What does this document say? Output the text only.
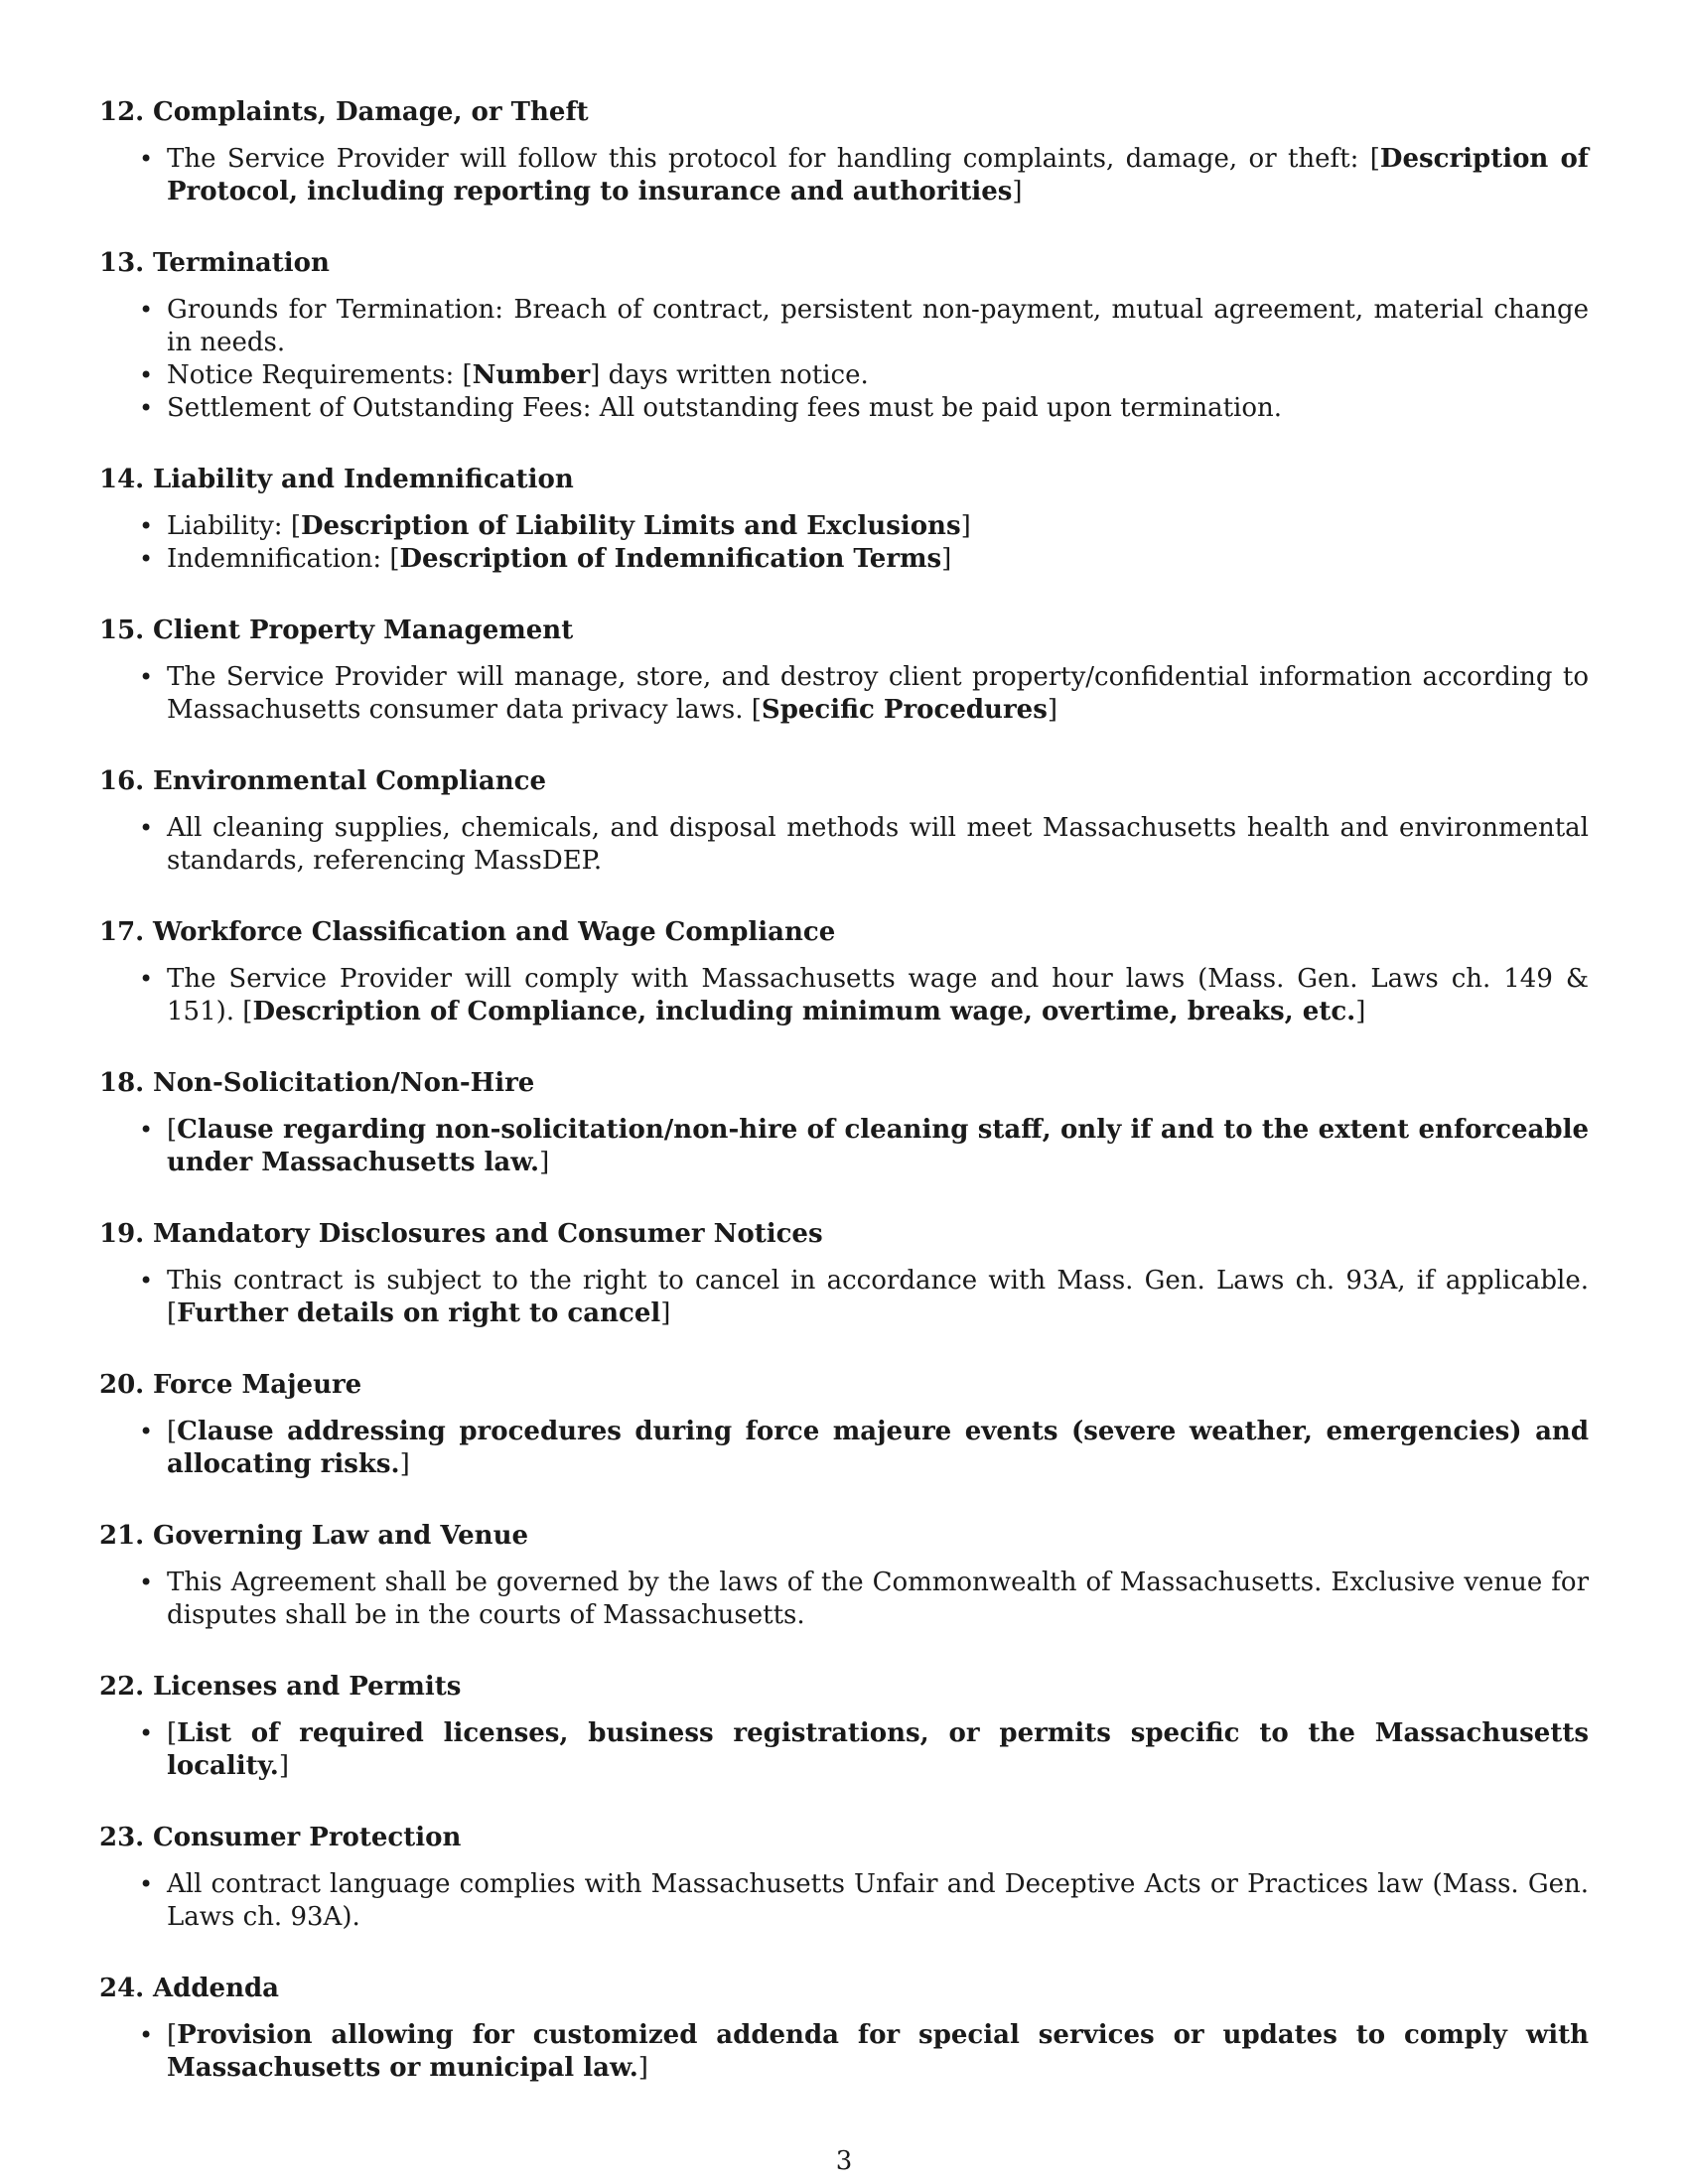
12. Complaints, Damage, or Theft
• The Service Provider will follow this protocol for handling complaints, damage, or theft: [Description of Protocol, including reporting to insurance and authorities]
13. Termination
• Grounds for Termination: Breach of contract, persistent non-payment, mutual agreement, material change in needs.
• Notice Requirements: [Number] days written notice.
• Settlement of Outstanding Fees: All outstanding fees must be paid upon termination.
14. Liability and Indemnification
• Liability: [Description of Liability Limits and Exclusions]
• Indemnification: [Description of Indemnification Terms]
15. Client Property Management
• The Service Provider will manage, store, and destroy client property/confidential information according to Massachusetts consumer data privacy laws. [Specific Procedures]
16. Environmental Compliance
• All cleaning supplies, chemicals, and disposal methods will meet Massachusetts health and environmental standards, referencing MassDEP.
17. Workforce Classification and Wage Compliance
• The Service Provider will comply with Massachusetts wage and hour laws (Mass. Gen. Laws ch. 149 & 151). [Description of Compliance, including minimum wage, overtime, breaks, etc.]
18. Non-Solicitation/Non-Hire
• [Clause regarding non-solicitation/non-hire of cleaning staff, only if and to the extent enforceable under Massachusetts law.]
19. Mandatory Disclosures and Consumer Notices
• This contract is subject to the right to cancel in accordance with Mass. Gen. Laws ch. 93A, if applicable. [Further details on right to cancel]
20. Force Majeure
• [Clause addressing procedures during force majeure events (severe weather, emergencies) and allocating risks.]
21. Governing Law and Venue
• This Agreement shall be governed by the laws of the Commonwealth of Massachusetts. Exclusive venue for disputes shall be in the courts of Massachusetts.
22. Licenses and Permits
• [List of required licenses, business registrations, or permits specific to the Massachusetts locality.]
23. Consumer Protection
• All contract language complies with Massachusetts Unfair and Deceptive Acts or Practices law (Mass. Gen. Laws ch. 93A).
24. Addenda
• [Provision allowing for customized addenda for special services or updates to comply with Massachusetts or municipal law.]
3
